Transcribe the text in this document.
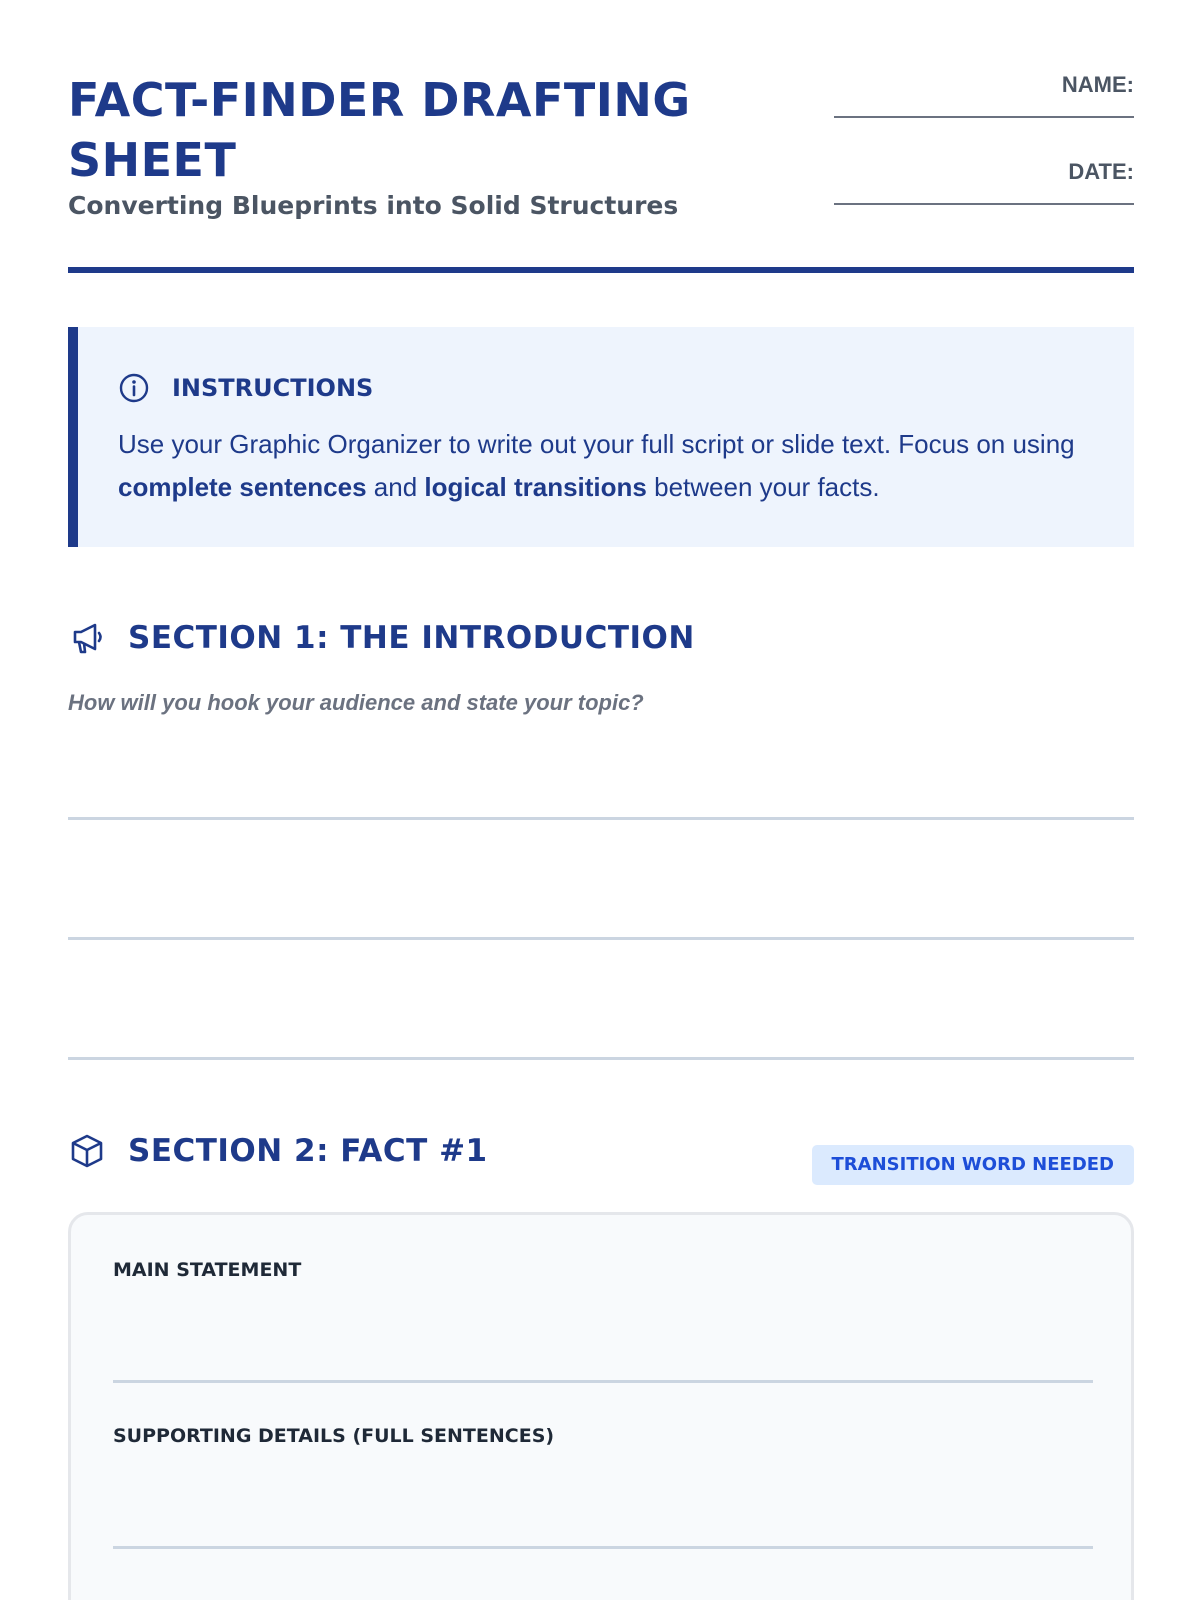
FACT-FINDER DRAFTING SHEET

Converting Blueprints into Solid Structures

NAME:
DATE:
INSTRUCTIONS

Use your Graphic Organizer to write out your full script or slide text. Focus on using complete sentences and logical transitions between your facts.

SECTION 1: THE INTRODUCTION

How will you hook your audience and state your topic?

SECTION 2: FACT #1	TRANSITION WORD NEEDED

MAIN STATEMENT

SUPPORTING DETAILS (FULL SENTENCES)
